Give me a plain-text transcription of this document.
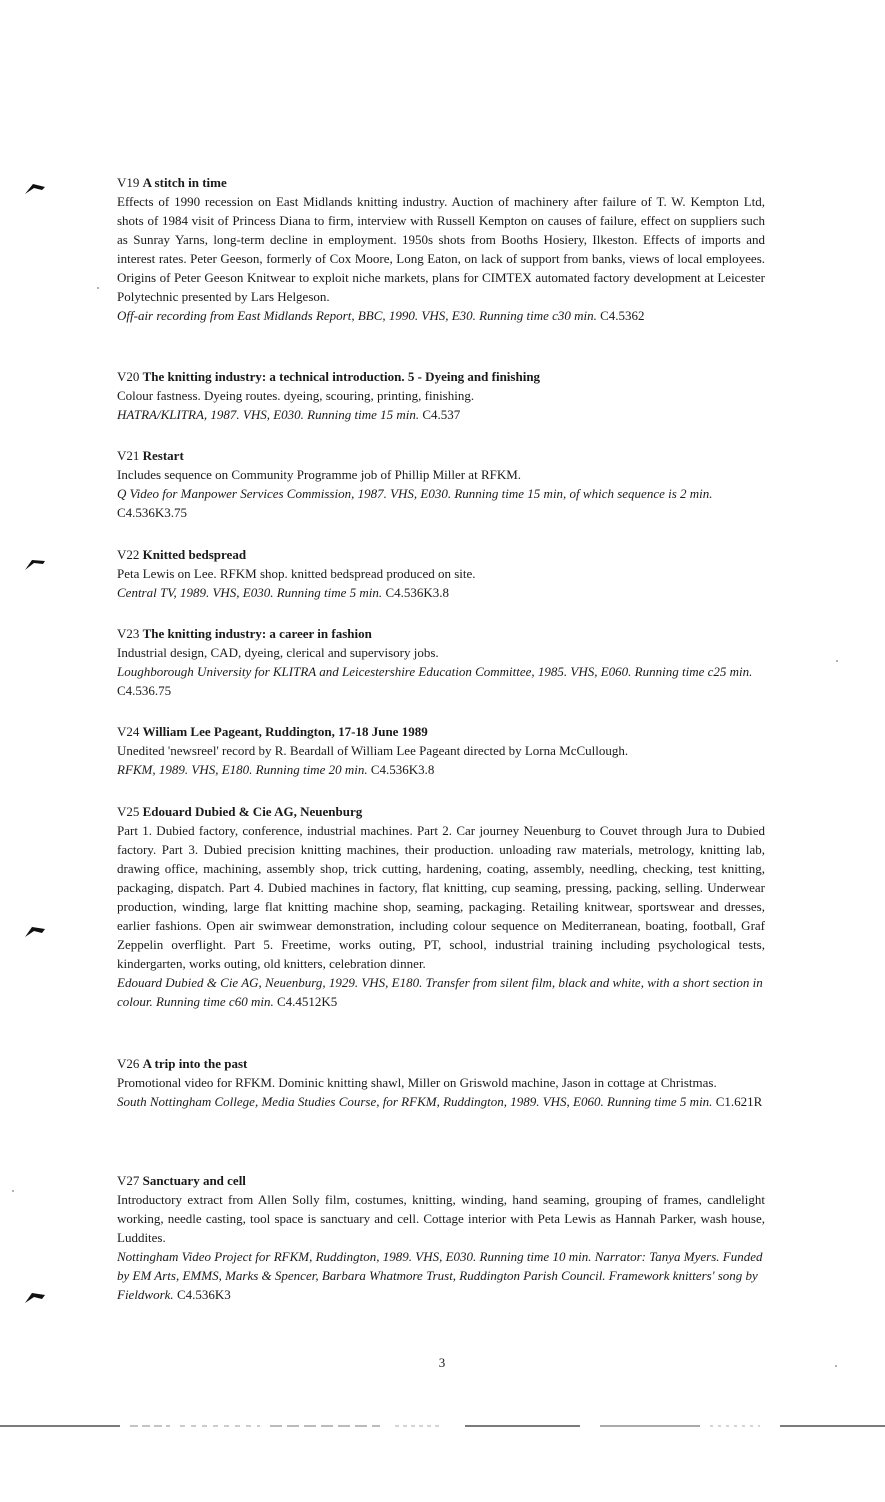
V19 A stitch in time

Effects of 1990 recession on East Midlands knitting industry. Auction of machinery after failure of T. W. Kempton Ltd, shots of 1984 visit of Princess Diana to firm, interview with Russell Kempton on causes of failure, effect on suppliers such as Sunray Yarns, long-term decline in employment. 1950s shots from Booths Hosiery, Ilkeston. Effects of imports and interest rates. Peter Geeson, formerly of Cox Moore, Long Eaton, on lack of support from banks, views of local employees. Origins of Peter Geeson Knitwear to exploit niche markets, plans for CIMTEX automated factory development at Leicester Polytechnic presented by Lars Helgeson.

Off-air recording from East Midlands Report, BBC, 1990. VHS, E30. Running time c30 min. C4.5362

V20 The knitting industry: a technical introduction. 5 - Dyeing and finishing

Colour fastness. Dyeing routes. dyeing, scouring, printing, finishing.

HATRA/KLITRA, 1987. VHS, E030. Running time 15 min. C4.537

V21 Restart

Includes sequence on Community Programme job of Phillip Miller at RFKM.

Q Video for Manpower Services Commission, 1987. VHS, E030. Running time 15 min, of which sequence is 2 min. C4.536K3.75

V22 Knitted bedspread

Peta Lewis on Lee. RFKM shop. knitted bedspread produced on site.

Central TV, 1989. VHS, E030. Running time 5 min. C4.536K3.8

V23 The knitting industry: a career in fashion

Industrial design, CAD, dyeing, clerical and supervisory jobs.

Loughborough University for KLITRA and Leicestershire Education Committee, 1985. VHS, E060. Running time c25 min. C4.536.75

V24 William Lee Pageant, Ruddington, 17-18 June 1989

Unedited 'newsreel' record by R. Beardall of William Lee Pageant directed by Lorna McCullough.

RFKM, 1989. VHS, E180. Running time 20 min. C4.536K3.8

V25 Edouard Dubied & Cie AG, Neuenburg

Part 1. Dubied factory, conference, industrial machines. Part 2. Car journey Neuenburg to Couvet through Jura to Dubied factory. Part 3. Dubied precision knitting machines, their production. unloading raw materials, metrology, knitting lab, drawing office, machining, assembly shop, trick cutting, hardening, coating, assembly, needling, checking, test knitting, packaging, dispatch. Part 4. Dubied machines in factory, flat knitting, cup seaming, pressing, packing, selling. Underwear production, winding, large flat knitting machine shop, seaming, packaging. Retailing knitwear, sportswear and dresses, earlier fashions. Open air swimwear demonstration, including colour sequence on Mediterranean, boating, football, Graf Zeppelin overflight. Part 5. Freetime, works outing, PT, school, industrial training including psychological tests, kindergarten, works outing, old knitters, celebration dinner.

Edouard Dubied & Cie AG, Neuenburg, 1929. VHS, E180. Transfer from silent film, black and white, with a short section in colour. Running time c60 min. C4.4512K5

V26 A trip into the past

Promotional video for RFKM. Dominic knitting shawl, Miller on Griswold machine, Jason in cottage at Christmas.

South Nottingham College, Media Studies Course, for RFKM, Ruddington, 1989. VHS, E060. Running time 5 min. C1.621R

V27 Sanctuary and cell

Introductory extract from Allen Solly film, costumes, knitting, winding, hand seaming, grouping of frames, candlelight working, needle casting, tool space is sanctuary and cell. Cottage interior with Peta Lewis as Hannah Parker, wash house, Luddites.

Nottingham Video Project for RFKM, Ruddington, 1989. VHS, E030. Running time 10 min. Narrator: Tanya Myers. Funded by EM Arts, EMMS, Marks & Spencer, Barbara Whatmore Trust, Ruddington Parish Council. Framework knitters' song by Fieldwork. C4.536K3

3
